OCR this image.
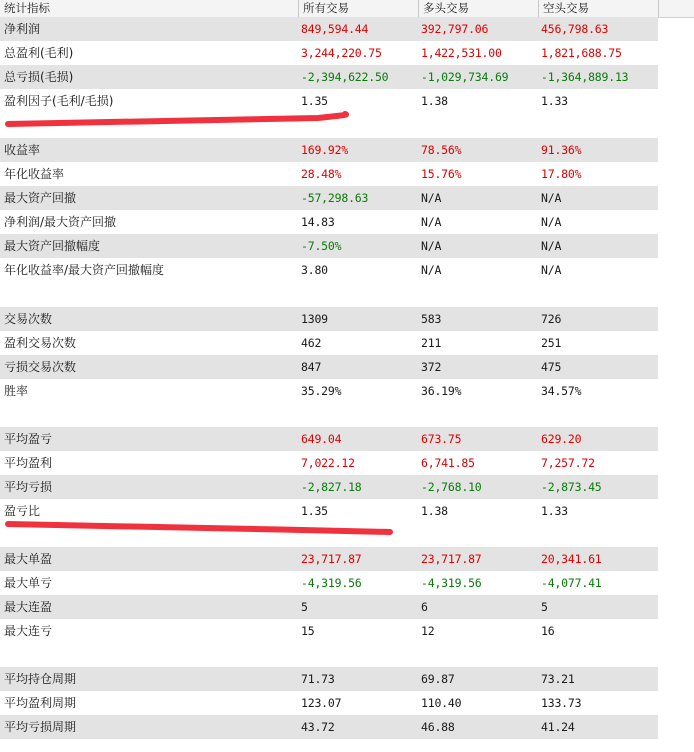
统计指标	所有交易	多头交易	空头交易
净利润	849,594.44	392,797.06	456,798.63
总盈利(毛利)	3,244,220.75	1,422,531.00	1,821,688.75
总亏损(毛损)	-2,394,622.50	-1,029,734.69	-1,364,889.13
盈利因子(毛利/毛损)	1.35	1.38	1.33
收益率	169.92%	78.56%	91.36%
年化收益率	28.48%	15.76%	17.80%
最大资产回撤	-57,298.63	N/A	N/A
净利润/最大资产回撤	14.83	N/A	N/A
最大资产回撤幅度	-7.50%	N/A	N/A
年化收益率/最大资产回撤幅度	3.80	N/A	N/A
交易次数	1309	583	726
盈利交易次数	462	211	251
亏损交易次数	847	372	475
胜率	35.29%	36.19%	34.57%
平均盈亏	649.04	673.75	629.20
平均盈利	7,022.12	6,741.85	7,257.72
平均亏损	-2,827.18	-2,768.10	-2,873.45
盈亏比	1.35	1.38	1.33
最大单盈	23,717.87	23,717.87	20,341.61
最大单亏	-4,319.56	-4,319.56	-4,077.41
最大连盈	5	6	5
最大连亏	15	12	16
平均持仓周期	71.73	69.87	73.21
平均盈利周期	123.07	110.40	133.73
平均亏损周期	43.72	46.88	41.24
